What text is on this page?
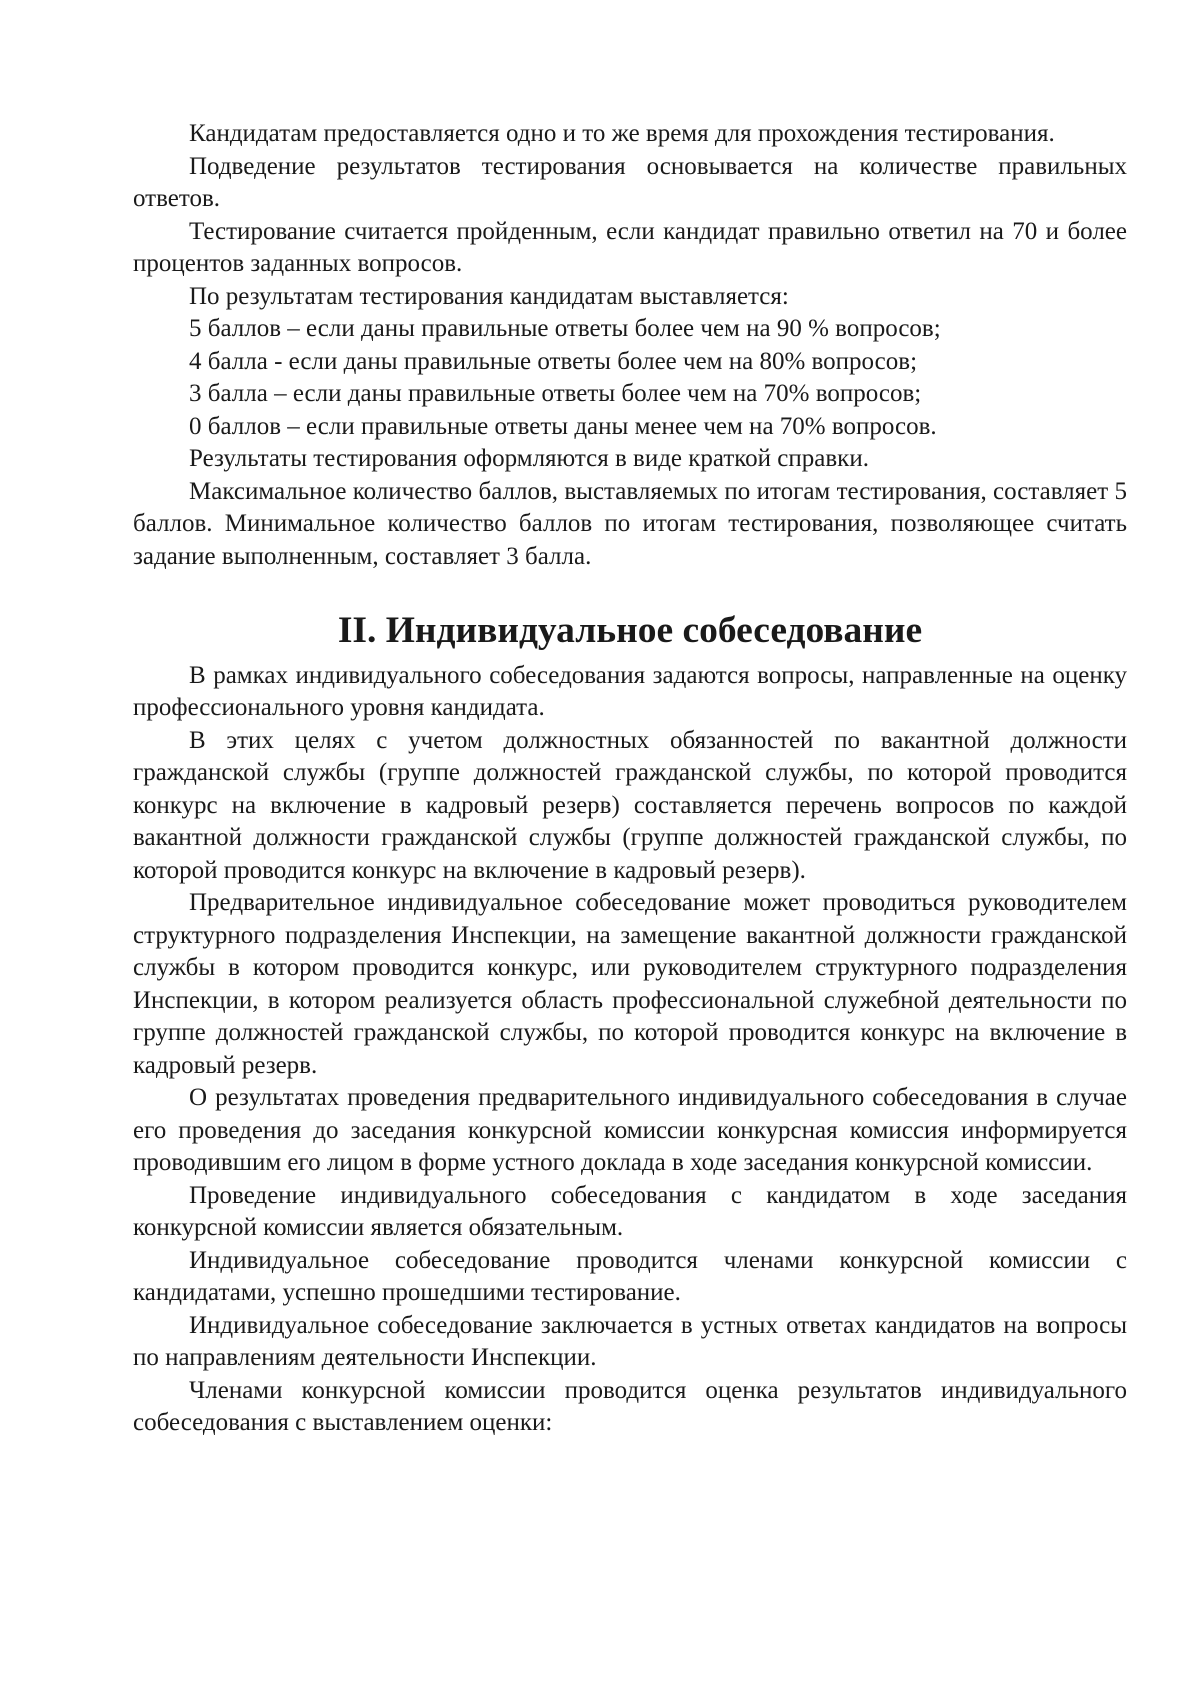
Кандидатам предоставляется одно и то же время для прохождения тестирования.

Подведение результатов тестирования основывается на количестве правильных ответов.

Тестирование считается пройденным, если кандидат правильно ответил на 70 и более процентов заданных вопросов.

По результатам тестирования кандидатам выставляется:

5 баллов – если даны правильные ответы более чем на 90 % вопросов;

4 балла - если даны правильные ответы более чем на 80% вопросов;

3 балла – если даны правильные ответы более чем на 70% вопросов;

0 баллов – если правильные ответы даны менее чем на 70% вопросов.

Результаты тестирования оформляются в виде краткой справки.

Максимальное количество баллов, выставляемых по итогам тестирования, составляет 5 баллов. Минимальное количество баллов по итогам тестирования, позволяющее считать задание выполненным, составляет 3 балла.

II. Индивидуальное собеседование

В рамках индивидуального собеседования задаются вопросы, направленные на оценку профессионального уровня кандидата.

В этих целях с учетом должностных обязанностей по вакантной должности гражданской службы (группе должностей гражданской службы, по которой проводится конкурс на включение в кадровый резерв) составляется перечень вопросов по каждой вакантной должности гражданской службы (группе должностей гражданской службы, по которой проводится конкурс на включение в кадровый резерв).

Предварительное индивидуальное собеседование может проводиться руководителем структурного подразделения Инспекции, на замещение вакантной должности гражданской службы в котором проводится конкурс, или руководителем структурного подразделения Инспекции, в котором реализуется область профессиональной служебной деятельности по группе должностей гражданской службы, по которой проводится конкурс на включение в кадровый резерв.

О результатах проведения предварительного индивидуального собеседования в случае его проведения до заседания конкурсной комиссии конкурсная комиссия информируется проводившим его лицом в форме устного доклада в ходе заседания конкурсной комиссии.

Проведение индивидуального собеседования с кандидатом в ходе заседания конкурсной комиссии является обязательным.

Индивидуальное собеседование проводится членами конкурсной комиссии с кандидатами, успешно прошедшими тестирование.

Индивидуальное собеседование заключается в устных ответах кандидатов на вопросы по направлениям деятельности Инспекции.

Членами конкурсной комиссии проводится оценка результатов индивидуального собеседования с выставлением оценки:
